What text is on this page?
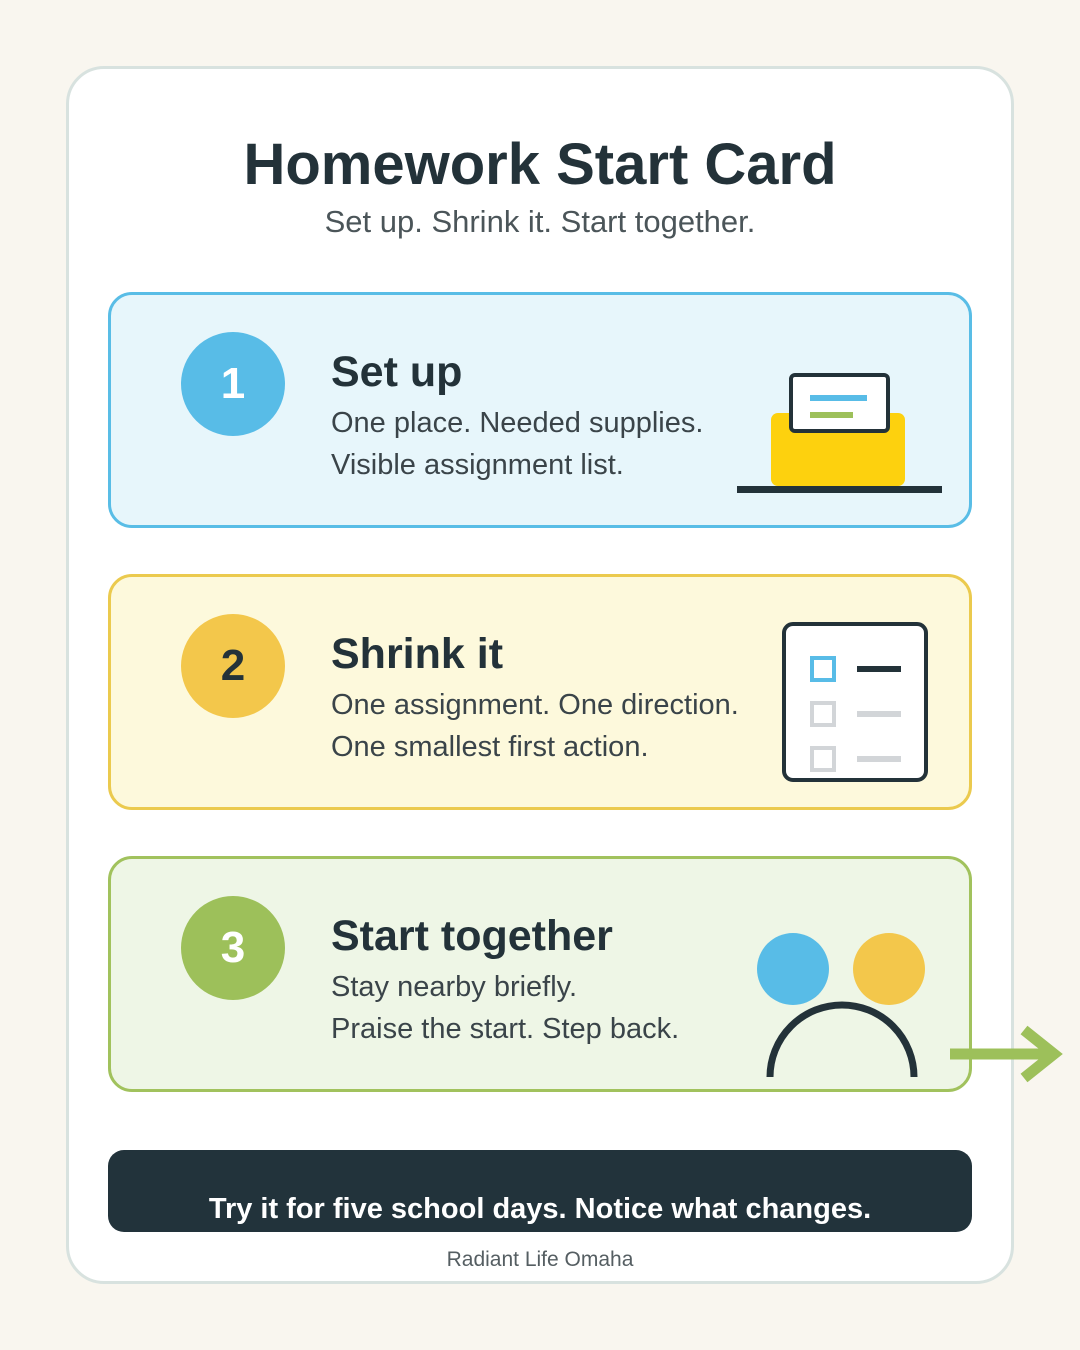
Homework Start Card
Set up. Shrink it. Start together.
1	Set up
One place. Needed supplies.
Visible assignment list.
2	Shrink it
One assignment. One direction.
One smallest first action.
3	Start together
Stay nearby briefly.
Praise the start. Step back.
Try it for five school days. Notice what changes.
Radiant Life Omaha
